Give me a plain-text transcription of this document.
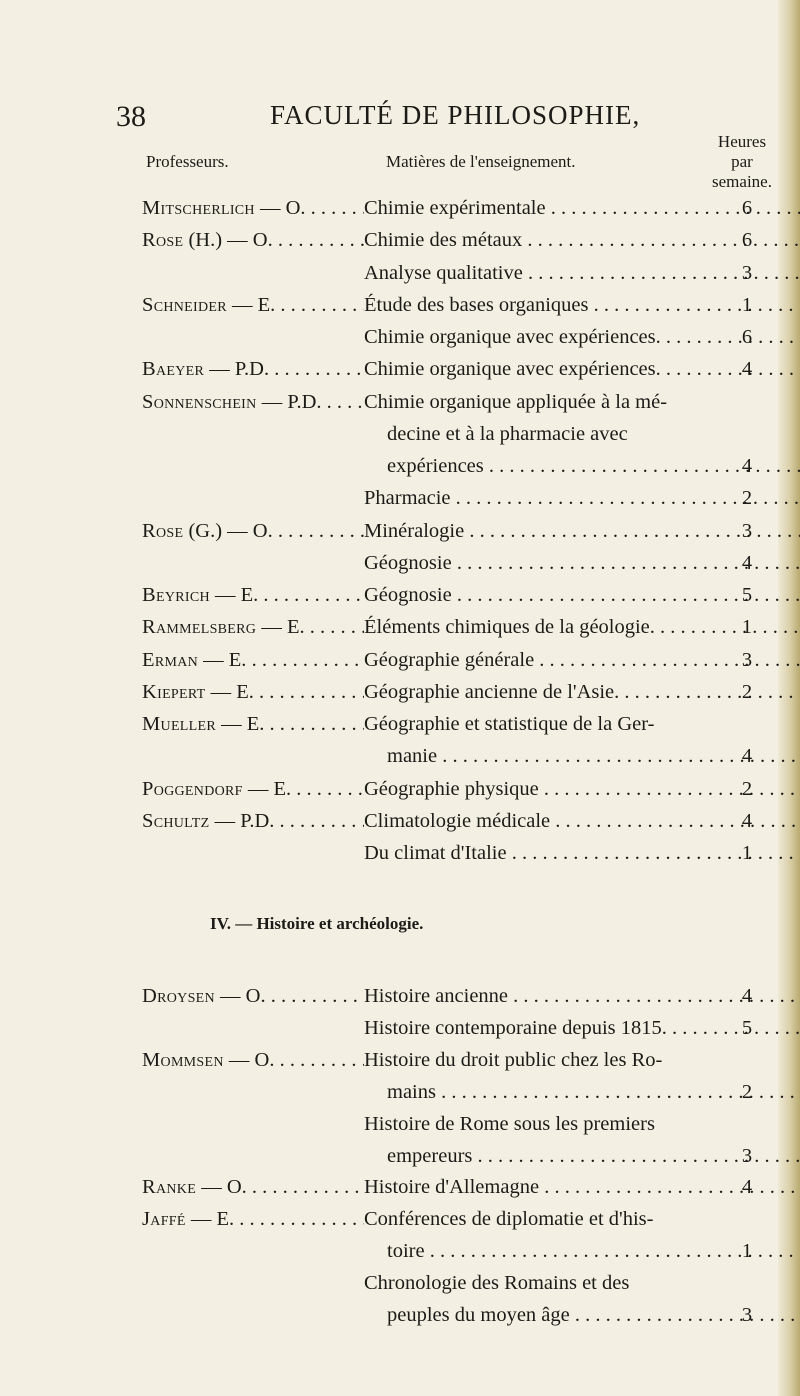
38	FACULTÉ DE PHILOSOPHIE,
Professeurs.	Matières de l'enseignement.
Heures
par
semaine.
Mitscherlich — O. . . .	Chimie expérimentale . . .	6
Rose (H.) — O. . . .	Chimie des métaux . . .	6
Analyse qualitative . . .	3
Schneider — E. . . .	Étude des bases organiques . . .	1
Chimie organique avec expériences. . . .	6
Baeyer — P.D. . . .	Chimie organique avec expériences. . . .	4
Sonnenschein — P.D. . . .	Chimie organique appliquée à la mé-
decine et à la pharmacie avec
expériences . . .	4
Pharmacie . . .	2
Rose (G.) — O. . . .	Minéralogie . . .	3
Géognosie . . .	4
Beyrich — E. . . .	Géognosie . . .	5
Rammelsberg — E. . . .	Éléments chimiques de la géologie. . . .	1
Erman — E. . . .	Géographie générale . . .	3
Kiepert — E. . . .	Géographie ancienne de l'Asie. . . .	2
Mueller — E. . . .	Géographie et statistique de la Ger-
manie . . .	4
Poggendorf — E. . . .	Géographie physique . . .	2
Schultz — P.D. . . .	Climatologie médicale . . .	4
Du climat d'Italie . . .	1
IV. — Histoire et archéologie.
Droysen — O. . . .	Histoire ancienne . . .	4
Histoire contemporaine depuis 1815. . . .	5
Mommsen — O. . . .	Histoire du droit public chez les Ro-
mains . . .	2
Histoire de Rome sous les premiers
empereurs . . .	3
Ranke — O. . . .	Histoire d'Allemagne . . .	4
Jaffé — E. . . .	Conférences de diplomatie et d'his-
toire . . .	1
Chronologie des Romains et des
peuples du moyen âge . . .	3
